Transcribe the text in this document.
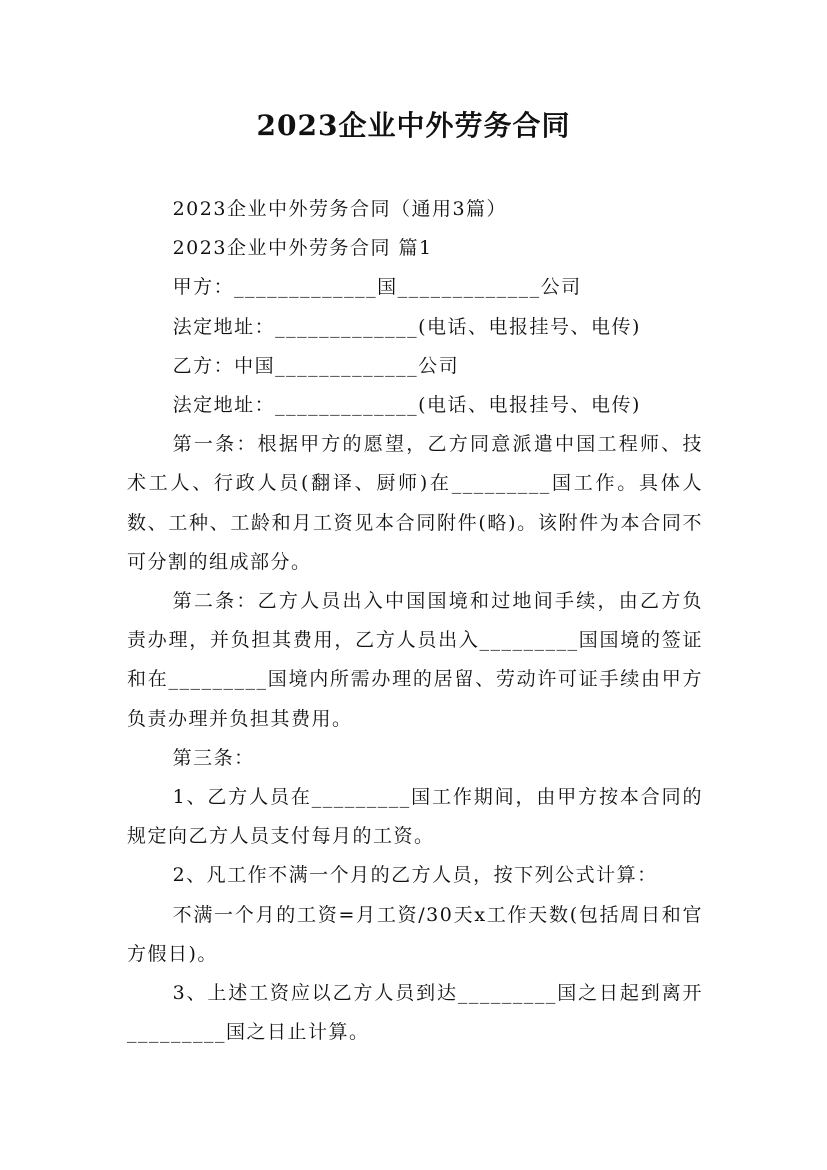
2023企业中外劳务合同

2023企业中外劳务合同（通用3篇）

2023企业中外劳务合同 篇1

甲方：_____________国_____________公司

法定地址：_____________(电话、电报挂号、电传)

乙方：中国_____________公司

法定地址：_____________(电话、电报挂号、电传)

第一条：根据甲方的愿望，乙方同意派遣中国工程师、技术工人、行政人员(翻译、厨师)在_________国工作。具体人数、工种、工龄和月工资见本合同附件(略)。该附件为本合同不可分割的组成部分。

第二条：乙方人员出入中国国境和过地间手续，由乙方负责办理，并负担其费用，乙方人员出入_________国国境的签证和在_________国境内所需办理的居留、劳动许可证手续由甲方负责办理并负担其费用。

第三条：

1、乙方人员在_________国工作期间，由甲方按本合同的规定向乙方人员支付每月的工资。

2、凡工作不满一个月的乙方人员，按下列公式计算：

不满一个月的工资=月工资/30天x工作天数(包括周日和官方假日)。

3、上述工资应以乙方人员到达_________国之日起到离开_________国之日止计算。
